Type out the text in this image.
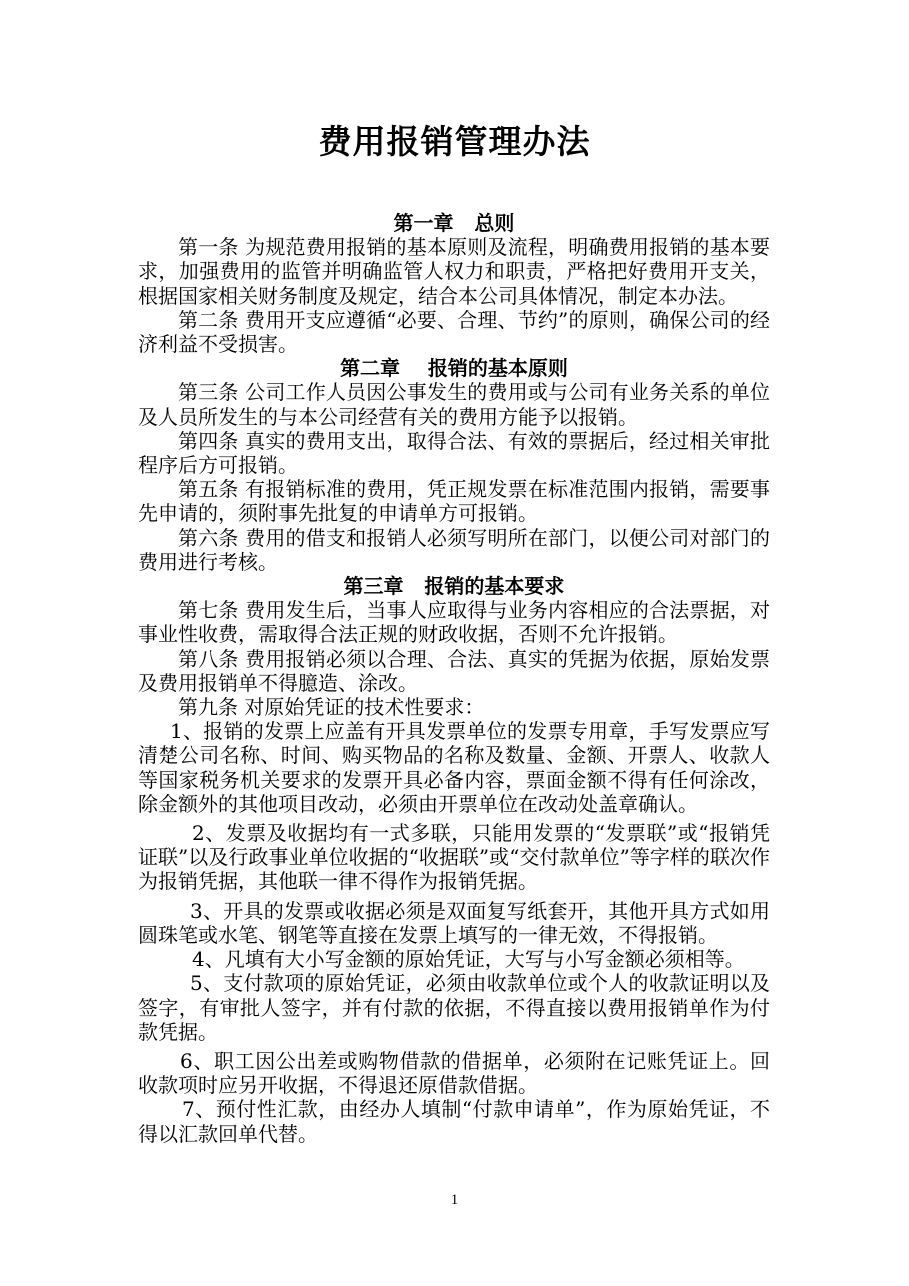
费用报销管理办法
第一章   总则

第一条 为规范费用报销的基本原则及流程，明确费用报销的基本要求，加强费用的监管并明确监管人权力和职责，严格把好费用开支关，根据国家相关财务制度及规定，结合本公司具体情况，制定本办法。

第二条 费用开支应遵循“必要、合理、节约”的原则，确保公司的经济利益不受损害。

第二章    报销的基本原则

第三条 公司工作人员因公事发生的费用或与公司有业务关系的单位及人员所发生的与本公司经营有关的费用方能予以报销。

第四条 真实的费用支出，取得合法、有效的票据后，经过相关审批程序后方可报销。

第五条 有报销标准的费用，凭正规发票在标准范围内报销，需要事先申请的，须附事先批复的申请单方可报销。

第六条 费用的借支和报销人必须写明所在部门，以便公司对部门的费用进行考核。

第三章   报销的基本要求

第七条 费用发生后，当事人应取得与业务内容相应的合法票据，对事业性收费，需取得合法正规的财政收据，否则不允许报销。

第八条 费用报销必须以合理、合法、真实的凭据为依据，原始发票及费用报销单不得臆造、涂改。

第九条 对原始凭证的技术性要求：

1、报销的发票上应盖有开具发票单位的发票专用章，手写发票应写清楚公司名称、时间、购买物品的名称及数量、金额、开票人、收款人等国家税务机关要求的发票开具必备内容，票面金额不得有任何涂改，除金额外的其他项目改动，必须由开票单位在改动处盖章确认。

2、发票及收据均有一式多联，只能用发票的“发票联”或“报销凭证联”以及行政事业单位收据的“收据联”或“交付款单位”等字样的联次作为报销凭据，其他联一律不得作为报销凭据。

3、开具的发票或收据必须是双面复写纸套开，其他开具方式如用圆珠笔或水笔、钢笔等直接在发票上填写的一律无效，不得报销。

4、凡填有大小写金额的原始凭证，大写与小写金额必须相等。

5、支付款项的原始凭证，必须由收款单位或个人的收款证明以及签字，有审批人签字，并有付款的依据，不得直接以费用报销单作为付款凭据。

6、职工因公出差或购物借款的借据单，必须附在记账凭证上。回收款项时应另开收据，不得退还原借款借据。

7、预付性汇款，由经办人填制“付款申请单”，作为原始凭证，不得以汇款回单代替。

1
